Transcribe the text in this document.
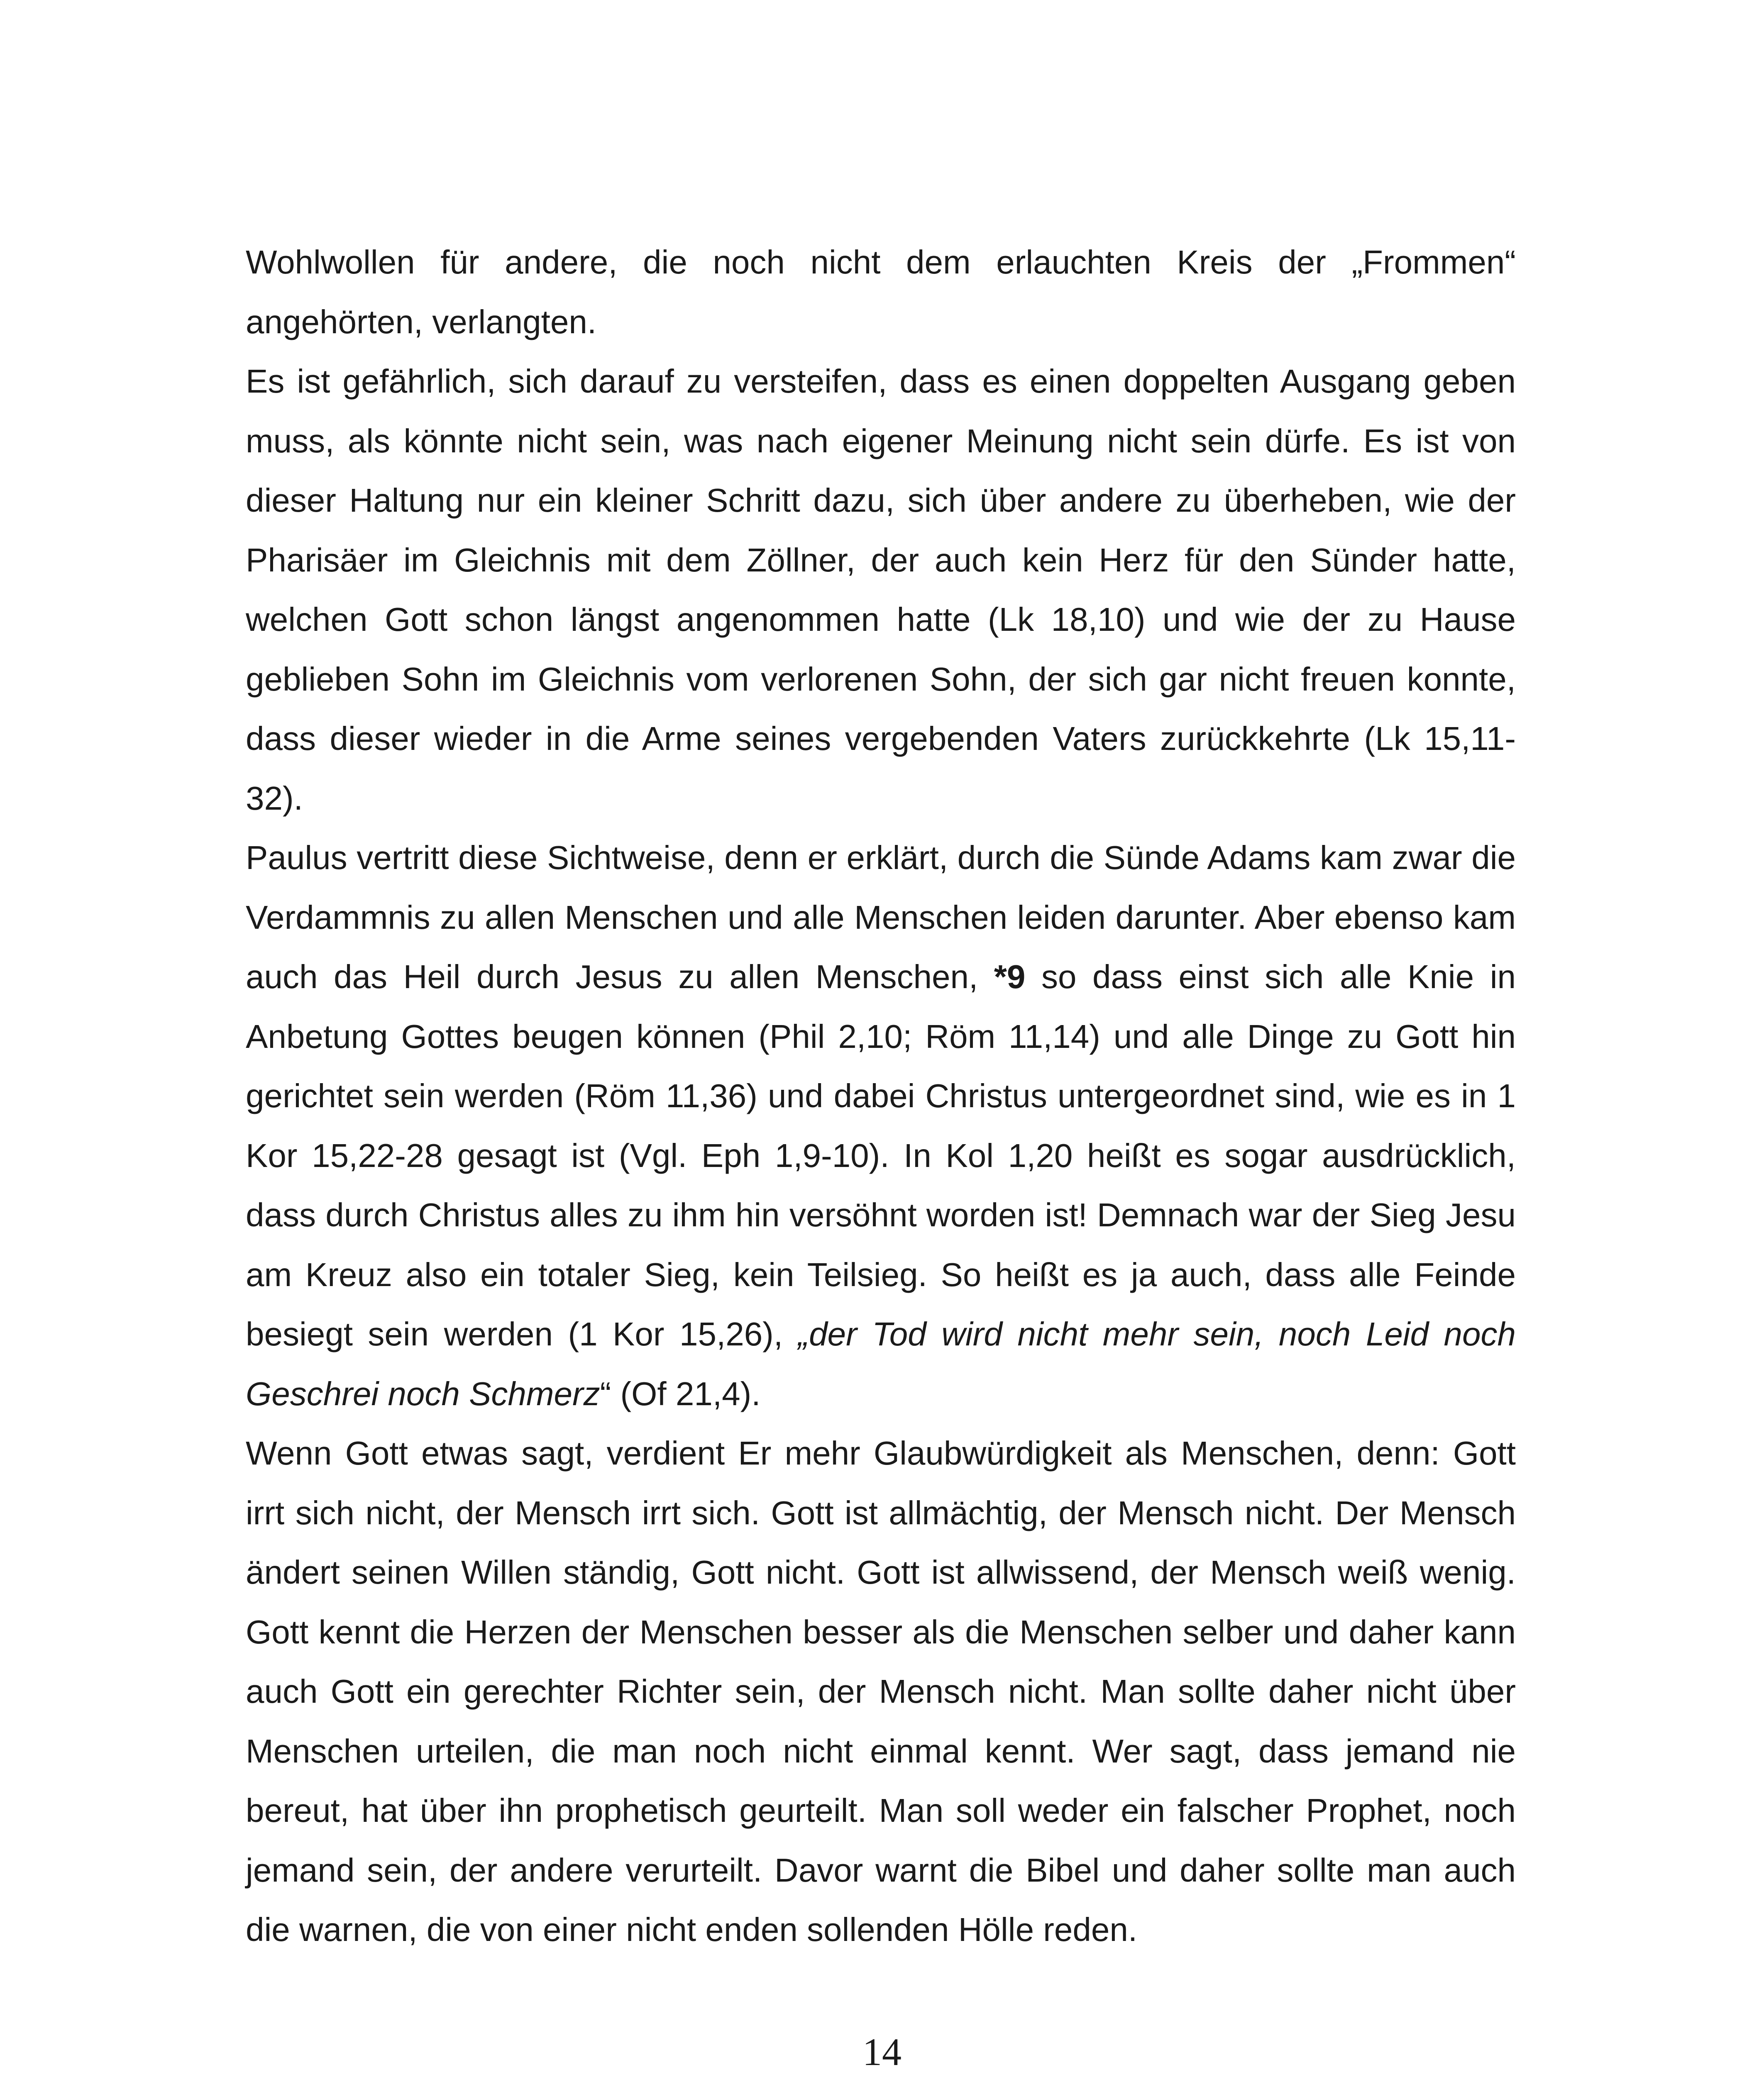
Wohlwollen für andere, die noch nicht dem erlauchten Kreis der „Frommen“ angehörten, verlangten.

Es ist gefährlich, sich darauf zu versteifen, dass es einen doppelten Ausgang geben muss, als könnte nicht sein, was nach eigener Meinung nicht sein dürfe. Es ist von dieser Haltung nur ein kleiner Schritt dazu, sich über andere zu überheben, wie der Pharisäer im Gleichnis mit dem Zöllner, der auch kein Herz für den Sünder hatte, welchen Gott schon längst angenommen hatte (Lk 18,10) und wie der zu Hause geblieben Sohn im Gleichnis vom verlorenen Sohn, der sich gar nicht freuen konnte, dass dieser wieder in die Arme seines vergebenden Vaters zurückkehrte (Lk 15,11-32).

Paulus vertritt diese Sichtweise, denn er erklärt, durch die Sünde Adams kam zwar die Verdammnis zu allen Menschen und alle Menschen leiden darunter. Aber ebenso kam auch das Heil durch Jesus zu allen Menschen, *9 so dass einst sich alle Knie in Anbetung Gottes beugen können (Phil 2,10; Röm 11,14) und alle Dinge zu Gott hin gerichtet sein werden (Röm 11,36) und dabei Christus untergeordnet sind, wie es in 1 Kor 15,22-28 gesagt ist (Vgl. Eph 1,9-10). In Kol 1,20 heißt es sogar ausdrücklich, dass durch Christus alles zu ihm hin versöhnt worden ist! Demnach war der Sieg Jesu am Kreuz also ein totaler Sieg, kein Teilsieg. So heißt es ja auch, dass alle Feinde besiegt sein werden (1 Kor 15,26), „der Tod wird nicht mehr sein, noch Leid noch Geschrei noch Schmerz“ (Of 21,4).

Wenn Gott etwas sagt, verdient Er mehr Glaubwürdigkeit als Menschen, denn: Gott irrt sich nicht, der Mensch irrt sich. Gott ist allmächtig, der Mensch nicht. Der Mensch ändert seinen Willen ständig, Gott nicht. Gott ist allwissend, der Mensch weiß wenig. Gott kennt die Herzen der Menschen besser als die Menschen selber und daher kann auch Gott ein gerechter Richter sein, der Mensch nicht. Man sollte daher nicht über Menschen urteilen, die man noch nicht einmal kennt. Wer sagt, dass jemand nie bereut, hat über ihn prophetisch geurteilt. Man soll weder ein falscher Prophet, noch jemand sein, der andere verurteilt. Davor warnt die Bibel und daher sollte man auch die warnen, die von einer nicht enden sollenden Hölle reden.

14
